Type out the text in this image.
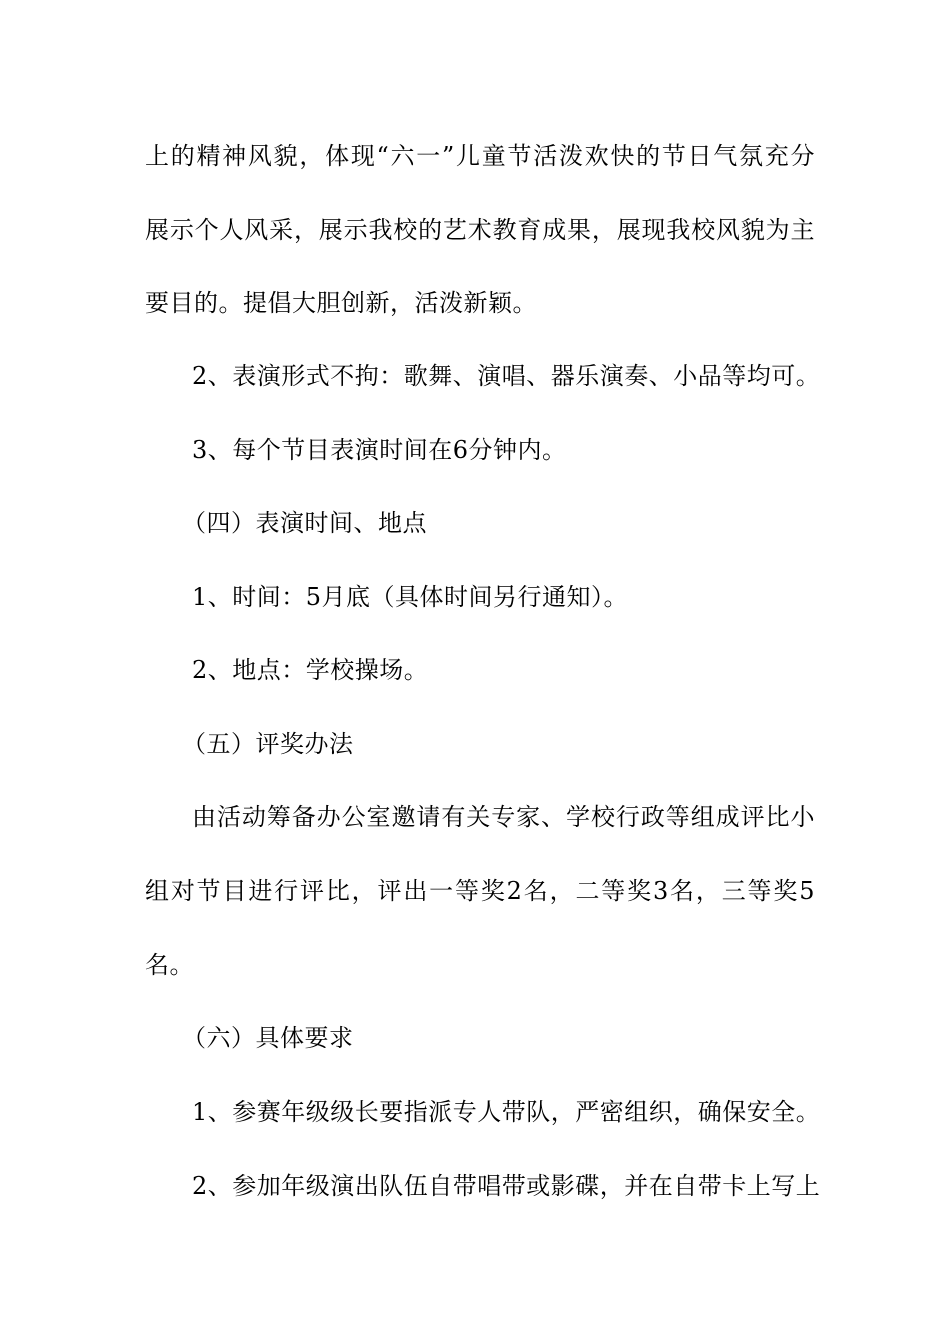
上的精神风貌，体现“六一”儿童节活泼欢快的节日气氛充分
展示个人风采，展示我校的艺术教育成果，展现我校风貌为主
要目的。提倡大胆创新，活泼新颖。
2、表演形式不拘：歌舞、演唱、器乐演奏、小品等均可。
3、每个节目表演时间在6分钟内。
（四）表演时间、地点
1、时间：5月底（具体时间另行通知）。
2、地点：学校操场。
（五）评奖办法
由活动筹备办公室邀请有关专家、学校行政等组成评比小
组对节目进行评比，评出一等奖2名，二等奖3名，三等奖5
名。
（六）具体要求
1、参赛年级级长要指派专人带队，严密组织，确保安全。
2、参加年级演出队伍自带唱带或影碟，并在自带卡上写上
